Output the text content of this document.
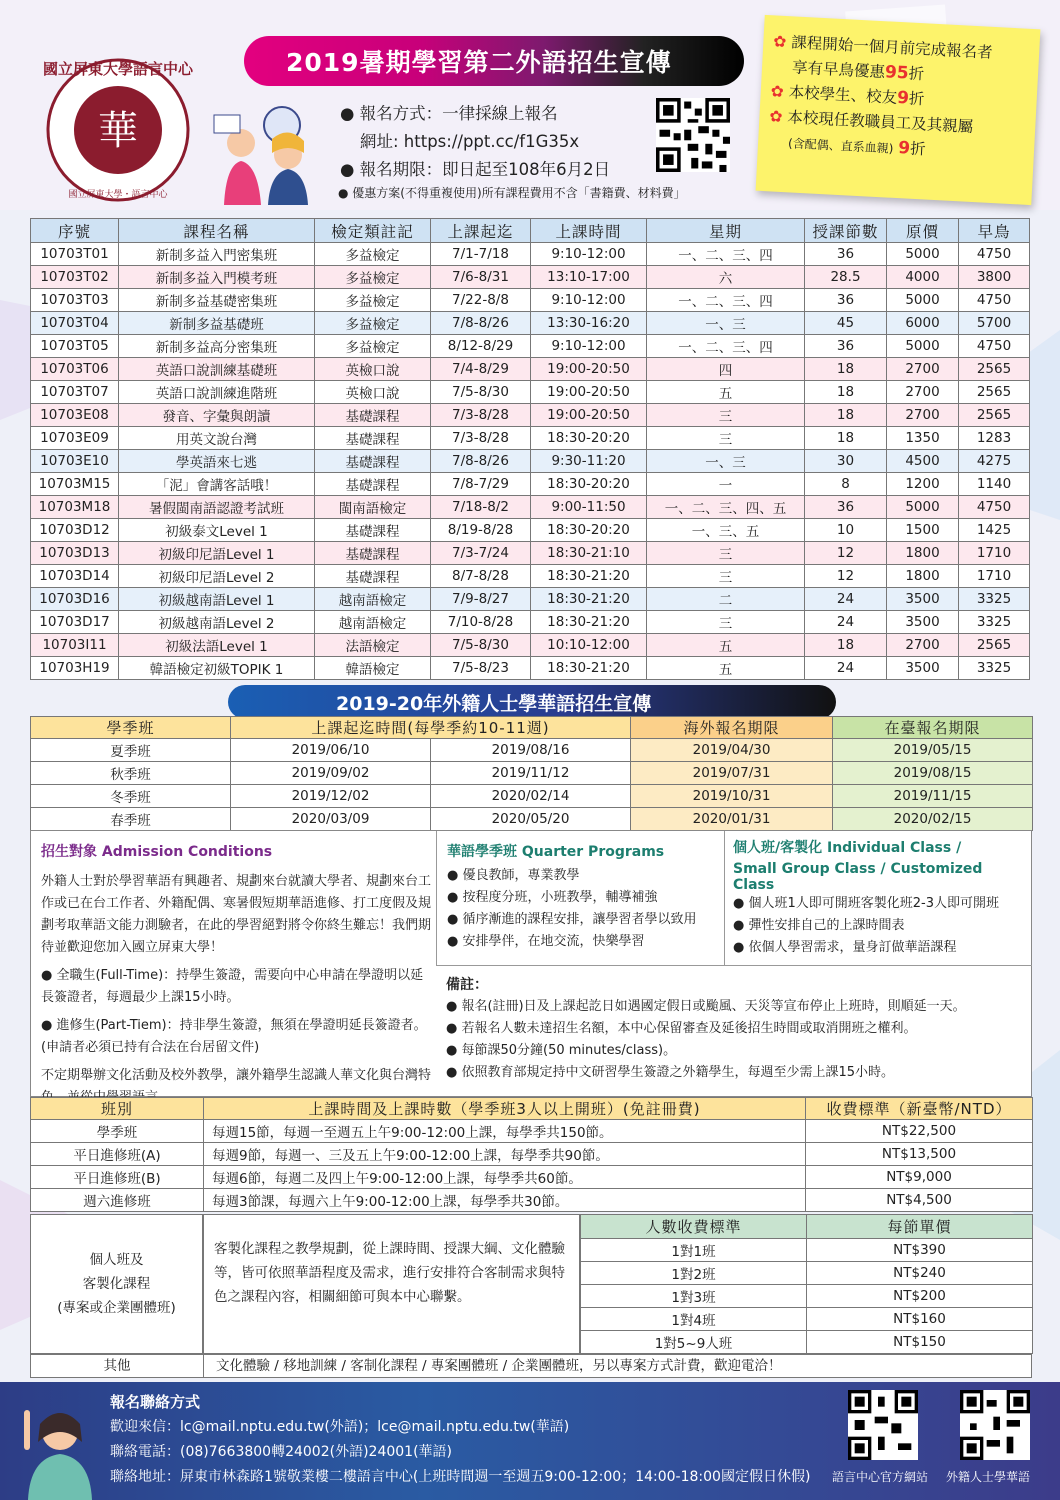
華
國立屏東大學語言中心
國立屏東大學・語言中心
2019暑期學習第二外語招生宣傳
● 報名方式：一律採線上報名
網址: https://ppt.cc/f1G35x
● 報名期限：即日起至108年6月2日
● 優惠方案(不得重複使用)所有課程費用不含「書籍費、材料費」
✿ 課程開始一個月前完成報名者
享有早鳥優惠95折
✿ 本校學生、校友9折
✿ 本校現任教職員工及其親屬
(含配偶、直系血親) 9折
序號	課程名稱	檢定類註記	上課起迄	上課時間	星期	授課節數	原價	早鳥
10703T01	新制多益入門密集班	多益檢定	7/1-7/18	9:10-12:00	一、二、三、四	36	5000	4750
10703T02	新制多益入門模考班	多益檢定	7/6-8/31	13:10-17:00	六	28.5	4000	3800
10703T03	新制多益基礎密集班	多益檢定	7/22-8/8	9:10-12:00	一、二、三、四	36	5000	4750
10703T04	新制多益基礎班	多益檢定	7/8-8/26	13:30-16:20	一、三	45	6000	5700
10703T05	新制多益高分密集班	多益檢定	8/12-8/29	9:10-12:00	一、二、三、四	36	5000	4750
10703T06	英語口說訓練基礎班	英檢口說	7/4-8/29	19:00-20:50	四	18	2700	2565
10703T07	英語口說訓練進階班	英檢口說	7/5-8/30	19:00-20:50	五	18	2700	2565
10703E08	發音、字彙與朗讀	基礎課程	7/3-8/28	19:00-20:50	三	18	2700	2565
10703E09	用英文說台灣	基礎課程	7/3-8/28	18:30-20:20	三	18	1350	1283
10703E10	學英語來七逃	基礎課程	7/8-8/26	9:30-11:20	一、三	30	4500	4275
10703M15	「泥」會講客話哦！	基礎課程	7/8-7/29	18:30-20:20	一	8	1200	1140
10703M18	暑假閩南語認證考試班	閩南語檢定	7/18-8/2	9:00-11:50	一、二、三、四、五	36	5000	4750
10703D12	初級泰文Level 1	基礎課程	8/19-8/28	18:30-20:20	一、三、五	10	1500	1425
10703D13	初級印尼語Level 1	基礎課程	7/3-7/24	18:30-21:10	三	12	1800	1710
10703D14	初級印尼語Level 2	基礎課程	8/7-8/28	18:30-21:20	三	12	1800	1710
10703D16	初級越南語Level 1	越南語檢定	7/9-8/27	18:30-21:20	二	24	3500	3325
10703D17	初級越南語Level 2	越南語檢定	7/10-8/28	18:30-21:20	三	24	3500	3325
10703I11	初級法語Level 1	法語檢定	7/5-8/30	10:10-12:00	五	18	2700	2565
10703H19	韓語檢定初級TOPIK 1	韓語檢定	7/5-8/23	18:30-21:20	五	24	3500	3325
2019-20年外籍人士學華語招生宣傳
學季班	上課起迄時間(每學季約10-11週)		海外報名期限	在臺報名期限
夏季班	2019/06/10	2019/08/16	2019/04/30	2019/05/15
秋季班	2019/09/02	2019/11/12	2019/07/31	2019/08/15
冬季班	2019/12/02	2020/02/14	2019/10/31	2019/11/15
春季班	2020/03/09	2020/05/20	2020/01/31	2020/02/15
招生對象 Admission Conditions
外籍人士對於學習華語有興趣者、規劃來台就讀大學者、規劃來台工作或已在台工作者、外籍配偶、寒暑假短期華語進修、打工度假及規劃考取華語文能力測驗者，在此的學習絕對將令你終生難忘！我們期待並歡迎您加入國立屏東大學！
● 全職生(Full-Time)：持學生簽證，需要向中心申請在學證明以延長簽證者，每週最少上課15小時。
● 進修生(Part-Tiem)：持非學生簽證，無須在學證明延長簽證者。(申請者必須已持有合法在台居留文件)
不定期舉辦文化活動及校外教學，讓外籍學生認識人華文化與台灣特
華語學季班 Quarter Programs
● 優良教師，專業教學
● 按程度分班，小班教學，輔導補強
● 循序漸進的課程安排，讓學習者學以致用
● 安排學伴，在地交流，快樂學習
個人班/客製化 Individual Class /
Small Group Class / Customized Class
● 個人班1人即可開班客製化班2-3人即可開班
● 彈性安排自己的上課時間表
● 依個人學習需求，量身訂做華語課程
備註：
● 報名(註冊)日及上課起訖日如遇國定假日或颱風、天災等宣布停止上班時，則順延一天。
● 若報名人數未達招生名額，本中心保留審查及延後招生時間或取消開班之權利。
● 每節課50分鐘(50 minutes/class)。
● 依照教育部規定持中文研習學生簽證之外籍學生，每週至少需上課15小時。
班別	上課時間及上課時數（學季班3人以上開班）(免註冊費)	收費標準（新臺幣/NTD）
學季班	每週15節，每週一至週五上午9:00-12:00上課，每學季共150節。	NT$22,500
平日進修班(A)	每週9節，每週一、三及五上午9:00-12:00上課，每學季共90節。	NT$13,500
平日進修班(B)	每週6節，每週二及四上午9:00-12:00上課，每學季共60節。	NT$9,000
週六進修班	每週3節課，每週六上午9:00-12:00上課，每學季共30節。	NT$4,500
個人班及
客製化課程
(專案或企業團體班)
客製化課程之教學規劃，從上課時間、授課大綱、文化體驗等，皆可依照華語程度及需求，進行安排符合客制需求與特色之課程內容，相關細節可與本中心聯繫。
人數收費標準	每節單價
1對1班	NT$390
1對2班	NT$240
1對3班	NT$200
1對4班	NT$160
1對5~9人班	NT$150
其他	文化體驗 / 移地訓練 / 客制化課程 / 專案團體班 / 企業團體班，另以專案方式計費，歡迎電洽！
報名聯絡方式
歡迎來信：lc@mail.nptu.edu.tw(外語)；lce@mail.nptu.edu.tw(華語)
聯絡電話：(08)7663800轉24002(外語)24001(華語)
聯絡地址：屏東市林森路1號敬業樓二樓語言中心(上班時間週一至週五9:00-12:00；14:00-18:00國定假日休假) 語言中心官方網站 外籍人士學華語
